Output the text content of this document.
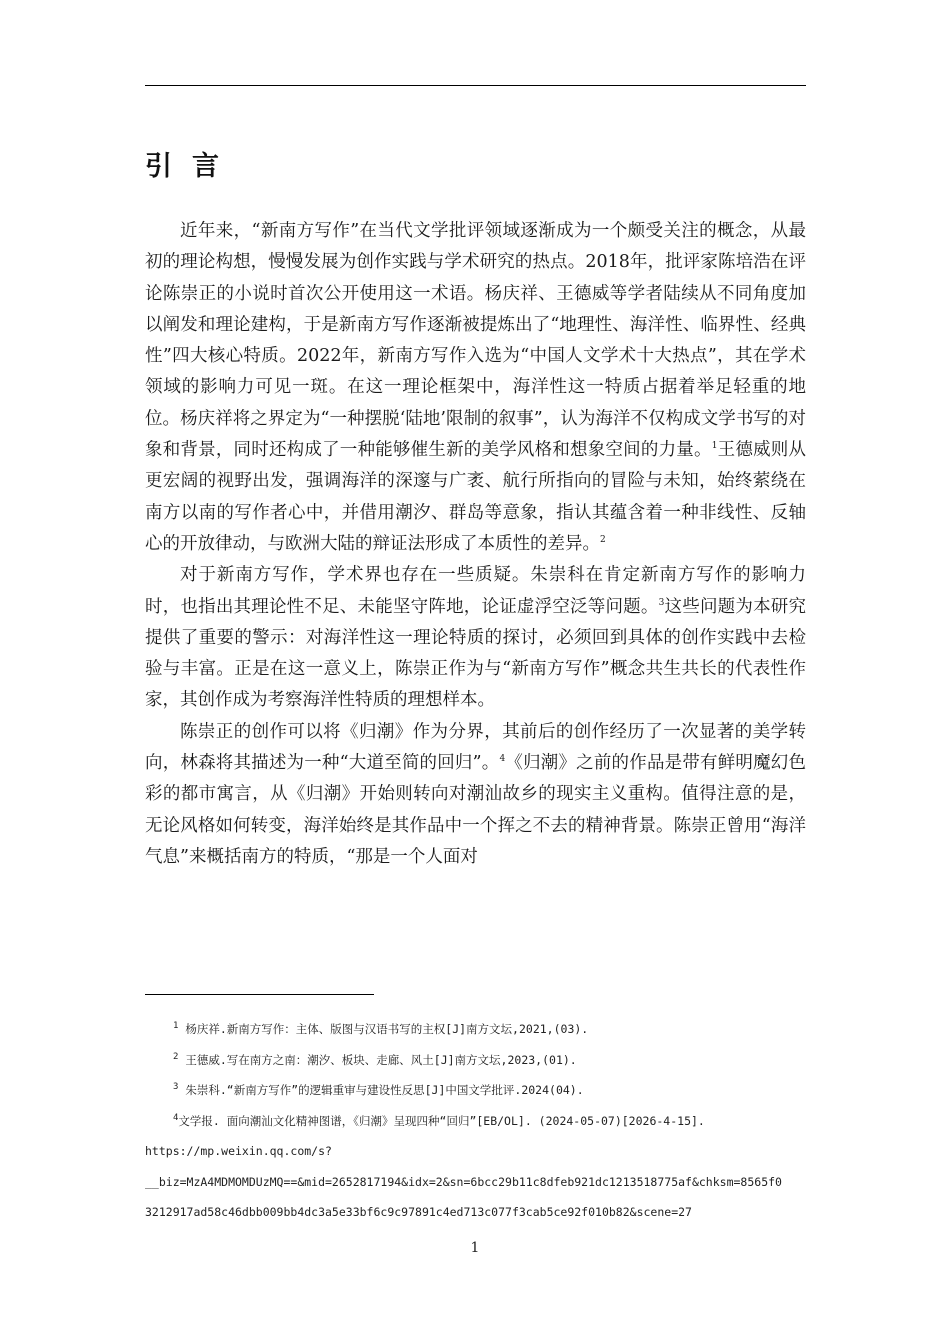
引言

近年来，“新南方写作”在当代文学批评领域逐渐成为一个颇受关注的概念，从最初的理论构想，慢慢发展为创作实践与学术研究的热点。2018年，批评家陈培浩在评论陈崇正的小说时首次公开使用这一术语。杨庆祥、王德威等学者陆续从不同角度加以阐发和理论建构，于是新南方写作逐渐被提炼出了“地理性、海洋性、临界性、经典性”四大核心特质。2022年，新南方写作入选为“中国人文学术十大热点”，其在学术领域的影响力可见一斑。在这一理论框架中，海洋性这一特质占据着举足轻重的地位。杨庆祥将之界定为“一种摆脱‘陆地’限制的叙事”，认为海洋不仅构成文学书写的对象和背景，同时还构成了一种能够催生新的美学风格和想象空间的力量。$^1$王德威则从更宏阔的视野出发，强调海洋的深邃与广袤、航行所指向的冒险与未知，始终萦绕在南方以南的写作者心中，并借用潮汐、群岛等意象，指认其蕴含着一种非线性、反轴心的开放律动，与欧洲大陆的辩证法形成了本质性的差异。$^2$

对于新南方写作，学术界也存在一些质疑。朱崇科在肯定新南方写作的影响力时，也指出其理论性不足、未能坚守阵地，论证虚浮空泛等问题。$^3$这些问题为本研究提供了重要的警示：对海洋性这一理论特质的探讨，必须回到具体的创作实践中去检验与丰富。正是在这一意义上，陈崇正作为与“新南方写作”概念共生共长的代表性作家，其创作成为考察海洋性特质的理想样本。

陈崇正的创作可以将《归潮》作为分界，其前后的创作经历了一次显著的美学转向，林森将其描述为一种“大道至简的回归”。$^4$《归潮》之前的作品是带有鲜明魔幻色彩的都市寓言，从《归潮》开始则转向对潮汕故乡的现实主义重构。值得注意的是，无论风格如何转变，海洋始终是其作品中一个挥之不去的精神背景。陈崇正曾用“海洋气息”来概括南方的特质，“那是一个人面对

$^1$ 杨庆祥.新南方写作：主体、版图与汉语书写的主权[J]南方文坛,2021,(03).

$^2$ 王德威.写在南方之南：潮汐、板块、走廊、风土[J]南方文坛,2023,(01).

$^3$ 朱崇科.“新南方写作”的逻辑重审与建设性反思[J]中国文学批评.2024(04).

$^4$文学报. 面向潮汕文化精神图谱，《归潮》呈现四种“回归”[EB/OL]. (2024-05-07)[2026-4-15].

https://mp.weixin.qq.com/s?

__biz=MzA4MDMOMDUzMQ==&mid=2652817194&idx=2&sn=6bcc29b11c8dfeb921dc1213518775af&chksm=8565f0

3212917ad58c46dbb009bb4dc3a5e33bf6c9c97891c4ed713c077f3cab5ce92f010b82&scene=27

1
